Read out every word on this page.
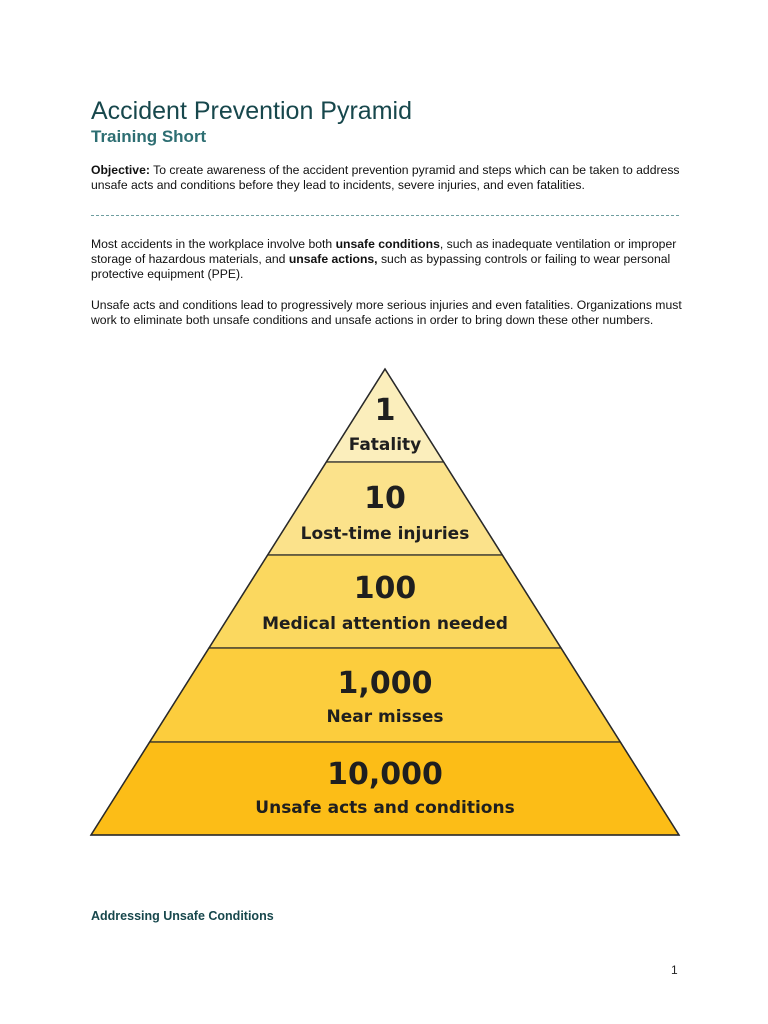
Accident Prevention Pyramid
Training Short

Objective: To create awareness of the accident prevention pyramid and steps which can be taken to address unsafe acts and conditions before they lead to incidents, severe injuries, and even fatalities.

Most accidents in the workplace involve both unsafe conditions, such as inadequate ventilation or improper storage of hazardous materials, and unsafe actions, such as bypassing controls or failing to wear personal protective equipment (PPE).

Unsafe acts and conditions lead to progressively more serious injuries and even fatalities. Organizations must work to eliminate both unsafe conditions and unsafe actions in order to bring down these other numbers.

1
Fatality
10
Lost-time injuries
100
Medical attention needed
1,000
Near misses
10,000
Unsafe acts and conditions
Addressing Unsafe Conditions

1
